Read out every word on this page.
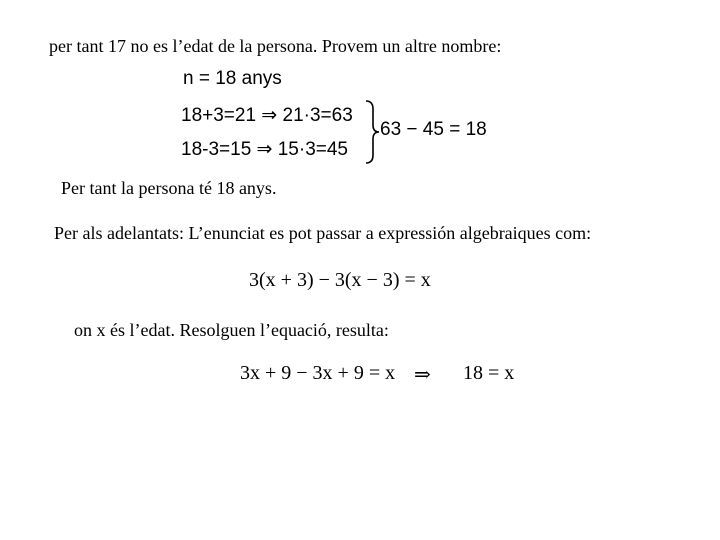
per tant 17 no es l’edat de la persona. Provem un altre nombre:
n = 18 anys
18+3=21 ⇒ 21·3=63
18-3=15 ⇒ 15·3=45
63 − 45 = 18
Per tant la persona té 18 anys.
Per als adelantats: L’enunciat es pot passar a expressión algebraiques com:
3(x + 3) − 3(x − 3) = x
on x és l’edat. Resolguen l’equació, resulta:
3x + 9 − 3x + 9 = x ⇒ 18 = x
